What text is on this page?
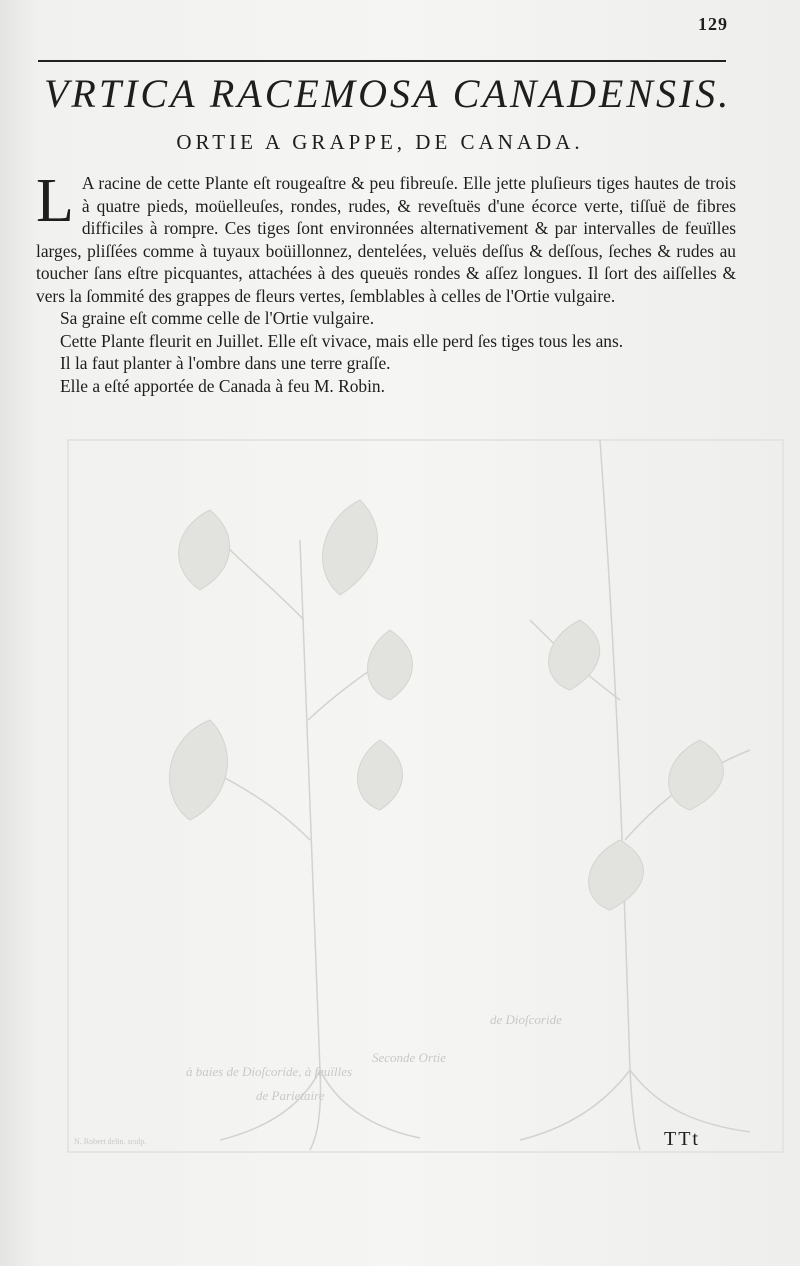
129
VRTICA RACEMOSA CANADENSIS.
ORTIE A GRAPPE, DE CANADA.

L A racine de cette Plante eſt rougeaſtre & peu fibreuſe. Elle jette pluſieurs tiges hautes de trois à quatre pieds, moüelleuſes, rondes, rudes, & reveſtuës d'une écorce verte, tiſſuë de fibres difficiles à rompre. Ces tiges ſont environnées alternativement & par intervalles de feuïlles larges, pliſſées comme à tuyaux boüillonnez, dentelées, veluës deſſus & deſſous, ſeches & rudes au toucher ſans eſtre picquantes, attachées à des queuës rondes & aſſez longues. Il ſort des aiſſelles & vers la ſommité des grappes de fleurs vertes, ſemblables à celles de l'Ortie vulgaire.

Sa graine eſt comme celle de l'Ortie vulgaire.

Cette Plante fleurit en Juillet. Elle eſt vivace, mais elle perd ſes tiges tous les ans.

Il la faut planter à l'ombre dans une terre graſſe.

Elle a eſté apportée de Canada à feu M. Robin.

Seconde Ortie
à baies de Dioſcoride, à feuïlles
de Parietaire
de Dioſcoride
N. Robert delin. sculp.	TTt
